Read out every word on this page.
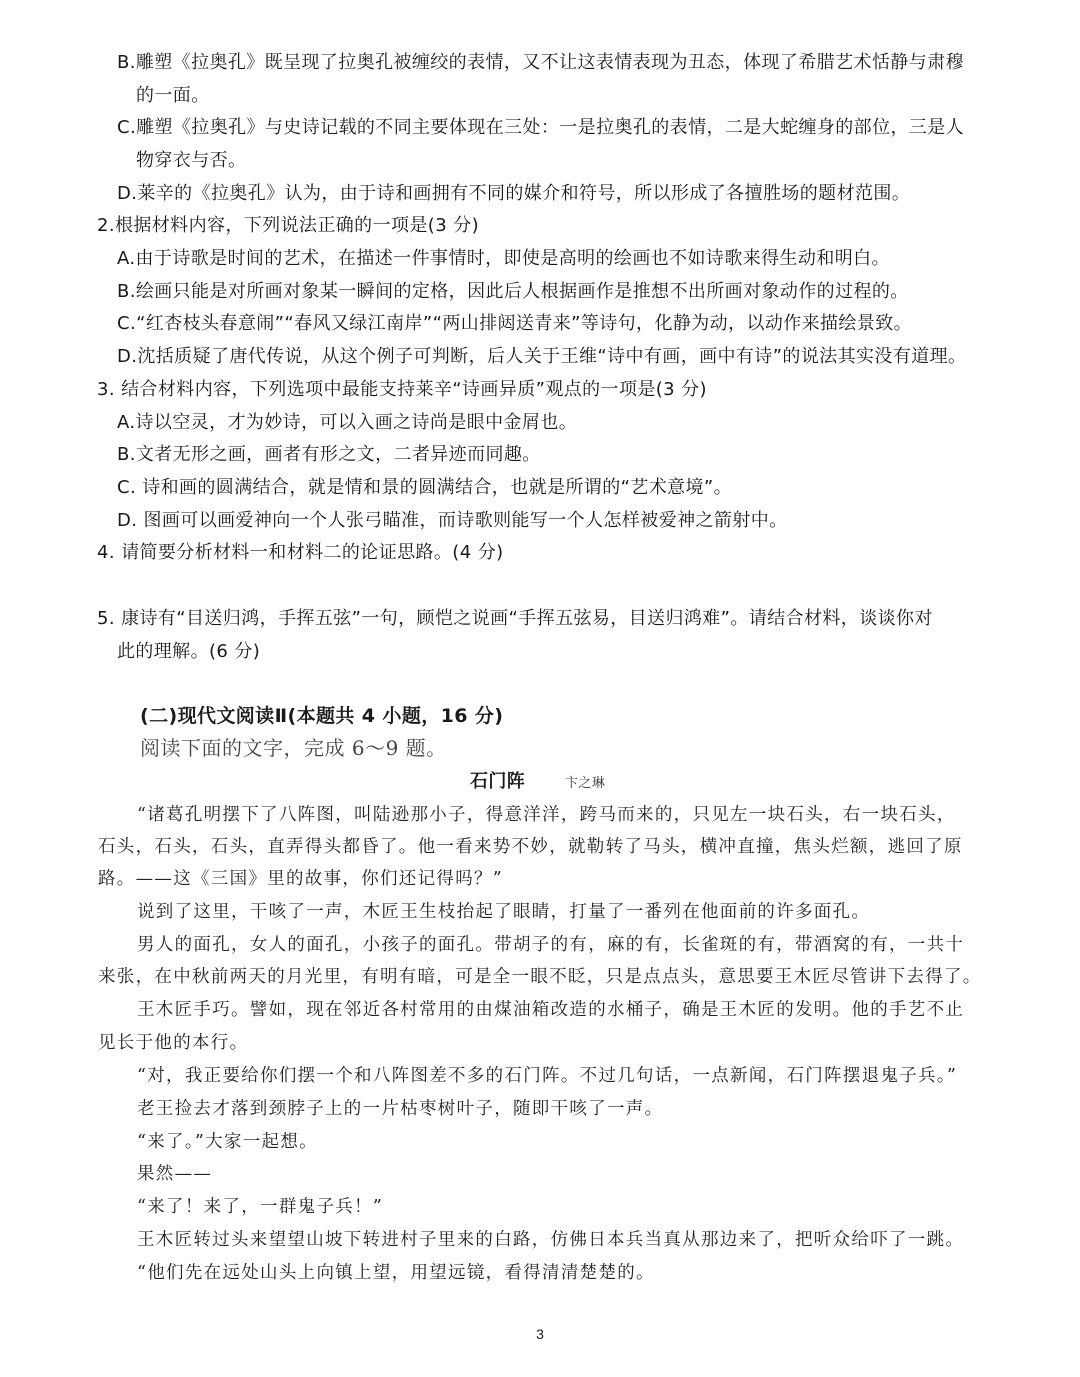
B.雕塑《拉奥孔》既呈现了拉奥孔被缠绞的表情，又不让这表情表现为丑态，体现了希腊艺术恬静与肃穆
的一面。
C.雕塑《拉奥孔》与史诗记载的不同主要体现在三处：一是拉奥孔的表情，二是大蛇缠身的部位，三是人
物穿衣与否。
D.莱辛的《拉奥孔》认为，由于诗和画拥有不同的媒介和符号，所以形成了各擅胜场的题材范围。
2.根据材料内容，下列说法正确的一项是(3 分)
A.由于诗歌是时间的艺术，在描述一件事情时，即使是高明的绘画也不如诗歌来得生动和明白。
B.绘画只能是对所画对象某一瞬间的定格，因此后人根据画作是推想不出所画对象动作的过程的。
C.“红杏枝头春意闹”“春风又绿江南岸”“两山排闼送青来”等诗句，化静为动，以动作来描绘景致。
D.沈括质疑了唐代传说，从这个例子可判断，后人关于王维“诗中有画，画中有诗”的说法其实没有道理。
3. 结合材料内容，下列选项中最能支持莱辛“诗画异质”观点的一项是(3 分)
A.诗以空灵，才为妙诗，可以入画之诗尚是眼中金屑也。
B.文者无形之画，画者有形之文，二者异迹而同趣。
C. 诗和画的圆满结合，就是情和景的圆满结合，也就是所谓的“艺术意境”。
D. 图画可以画爱神向一个人张弓瞄准，而诗歌则能写一个人怎样被爱神之箭射中。
4. 请简要分析材料一和材料二的论证思路。(4 分)
5. 康诗有“目送归鸿，手挥五弦”一句，顾恺之说画“手挥五弦易，目送归鸿难”。请结合材料，谈谈你对
此的理解。(6 分)
(二)现代文阅读Ⅱ(本题共 4 小题，16 分)
阅读下面的文字，完成 6～9 题。
石门阵	卞之琳
“诸葛孔明摆下了八阵图，叫陆逊那小子，得意洋洋，跨马而来的，只见左一块石头，右一块石头，
石头，石头，石头，直弄得头都昏了。他一看来势不妙，就勒转了马头，横冲直撞，焦头烂额，逃回了原
路。——这《三国》里的故事，你们还记得吗？”
说到了这里，干咳了一声，木匠王生枝抬起了眼睛，打量了一番列在他面前的许多面孔。
男人的面孔，女人的面孔，小孩子的面孔。带胡子的有，麻的有，长雀斑的有，带酒窝的有，一共十
来张，在中秋前两天的月光里，有明有暗，可是全一眼不眨，只是点点头，意思要王木匠尽管讲下去得了。
王木匠手巧。譬如，现在邻近各村常用的由煤油箱改造的水桶子，确是王木匠的发明。他的手艺不止
见长于他的本行。
“对，我正要给你们摆一个和八阵图差不多的石门阵。不过几句话，一点新闻，石门阵摆退鬼子兵。”
老王捡去才落到颈脖子上的一片枯枣树叶子，随即干咳了一声。
“来了。”大家一起想。
果然——
“来了！来了，一群鬼子兵！”
王木匠转过头来望望山坡下转进村子里来的白路，仿佛日本兵当真从那边来了，把听众给吓了一跳。
“他们先在远处山头上向镇上望，用望远镜，看得清清楚楚的。
3
